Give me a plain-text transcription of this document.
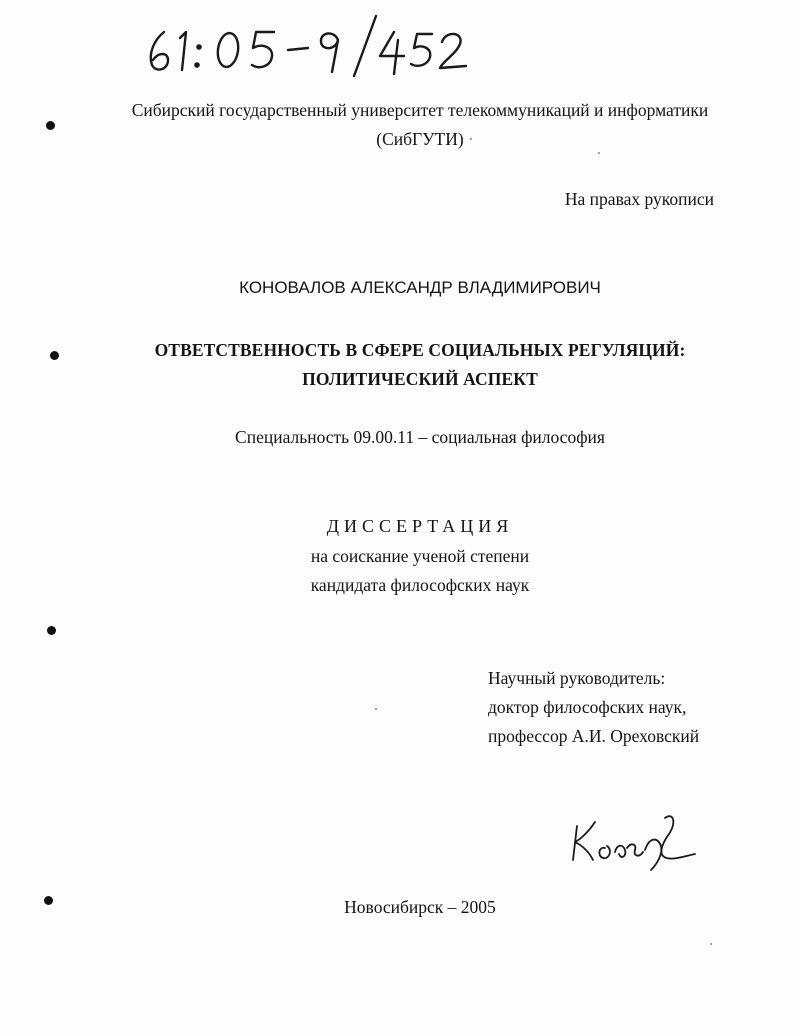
Сибирский государственный университет телекоммуникаций и информатики
(СибГУТИ)
На правах рукописи
КОНОВАЛОВ АЛЕКСАНДР ВЛАДИМИРОВИЧ
ОТВЕТСТВЕННОСТЬ В СФЕРЕ СОЦИАЛЬНЫХ РЕГУЛЯЦИЙ:
ПОЛИТИЧЕСКИЙ АСПЕКТ
Специальность 09.00.11 – социальная философия
ДИССЕРТАЦИЯ
на соискание ученой степени
кандидата философских наук
Научный руководитель:
доктор философских наук,
профессор А.И. Ореховский
Новосибирск – 2005
